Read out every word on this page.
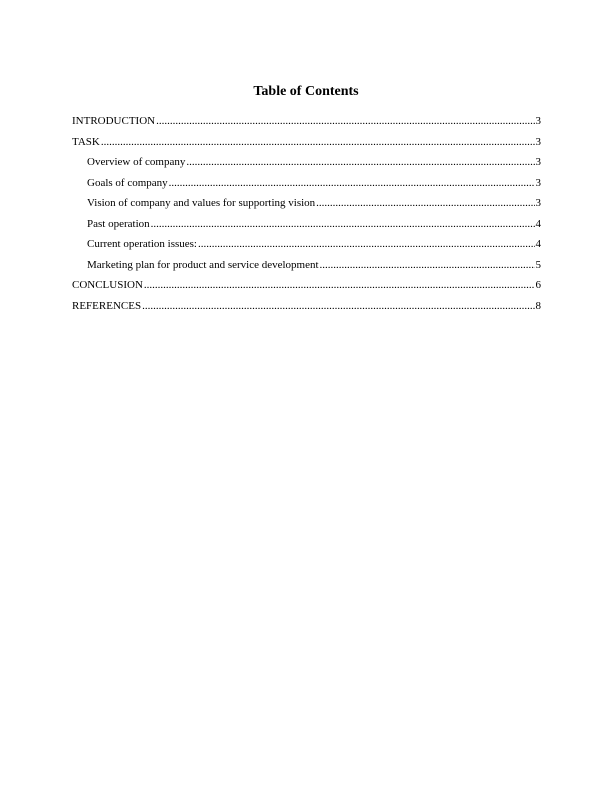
Table of Contents
INTRODUCTION .....	3
TASK .....	3
Overview of company .....	3
Goals of company .....	3
Vision of company and values for supporting vision .....	3
Past operation .....	4
Current operation issues: .....	4
Marketing plan for product and service development .....	5
CONCLUSION .....	6
REFERENCES .....	8
